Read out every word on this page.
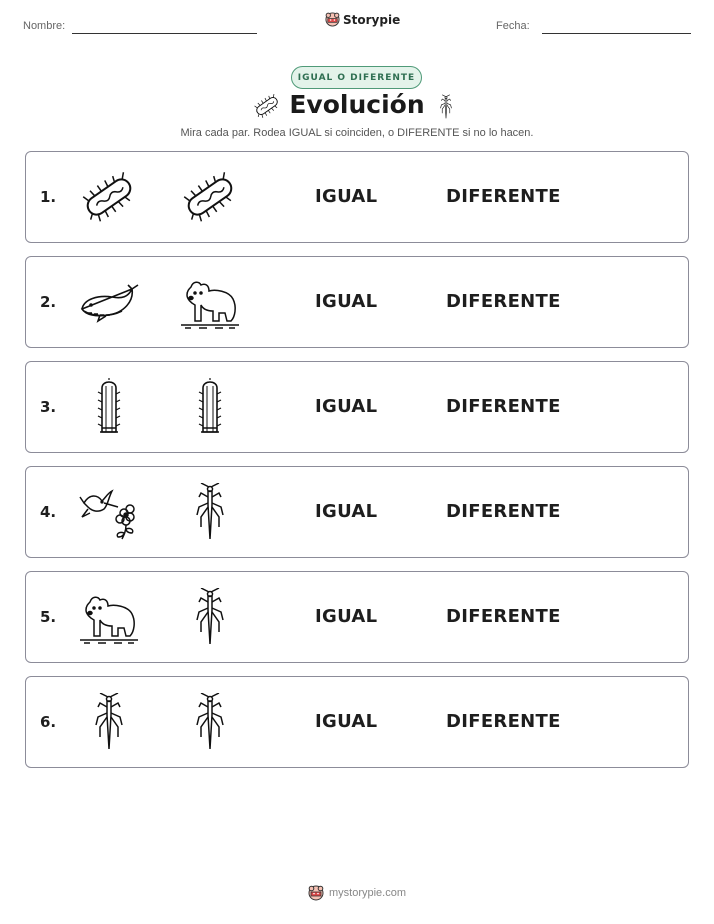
Nombre:	Storypie	Fecha:
IGUAL O DIFERENTE
Evolución
Mira cada par. Rodea IGUAL si coinciden, o DIFERENTE si no lo hacen.
1.	IGUAL	DIFERENTE
2.	IGUAL	DIFERENTE
3.	IGUAL	DIFERENTE
4.	IGUAL	DIFERENTE
5.	IGUAL	DIFERENTE
6.	IGUAL	DIFERENTE
mystorypie.com
